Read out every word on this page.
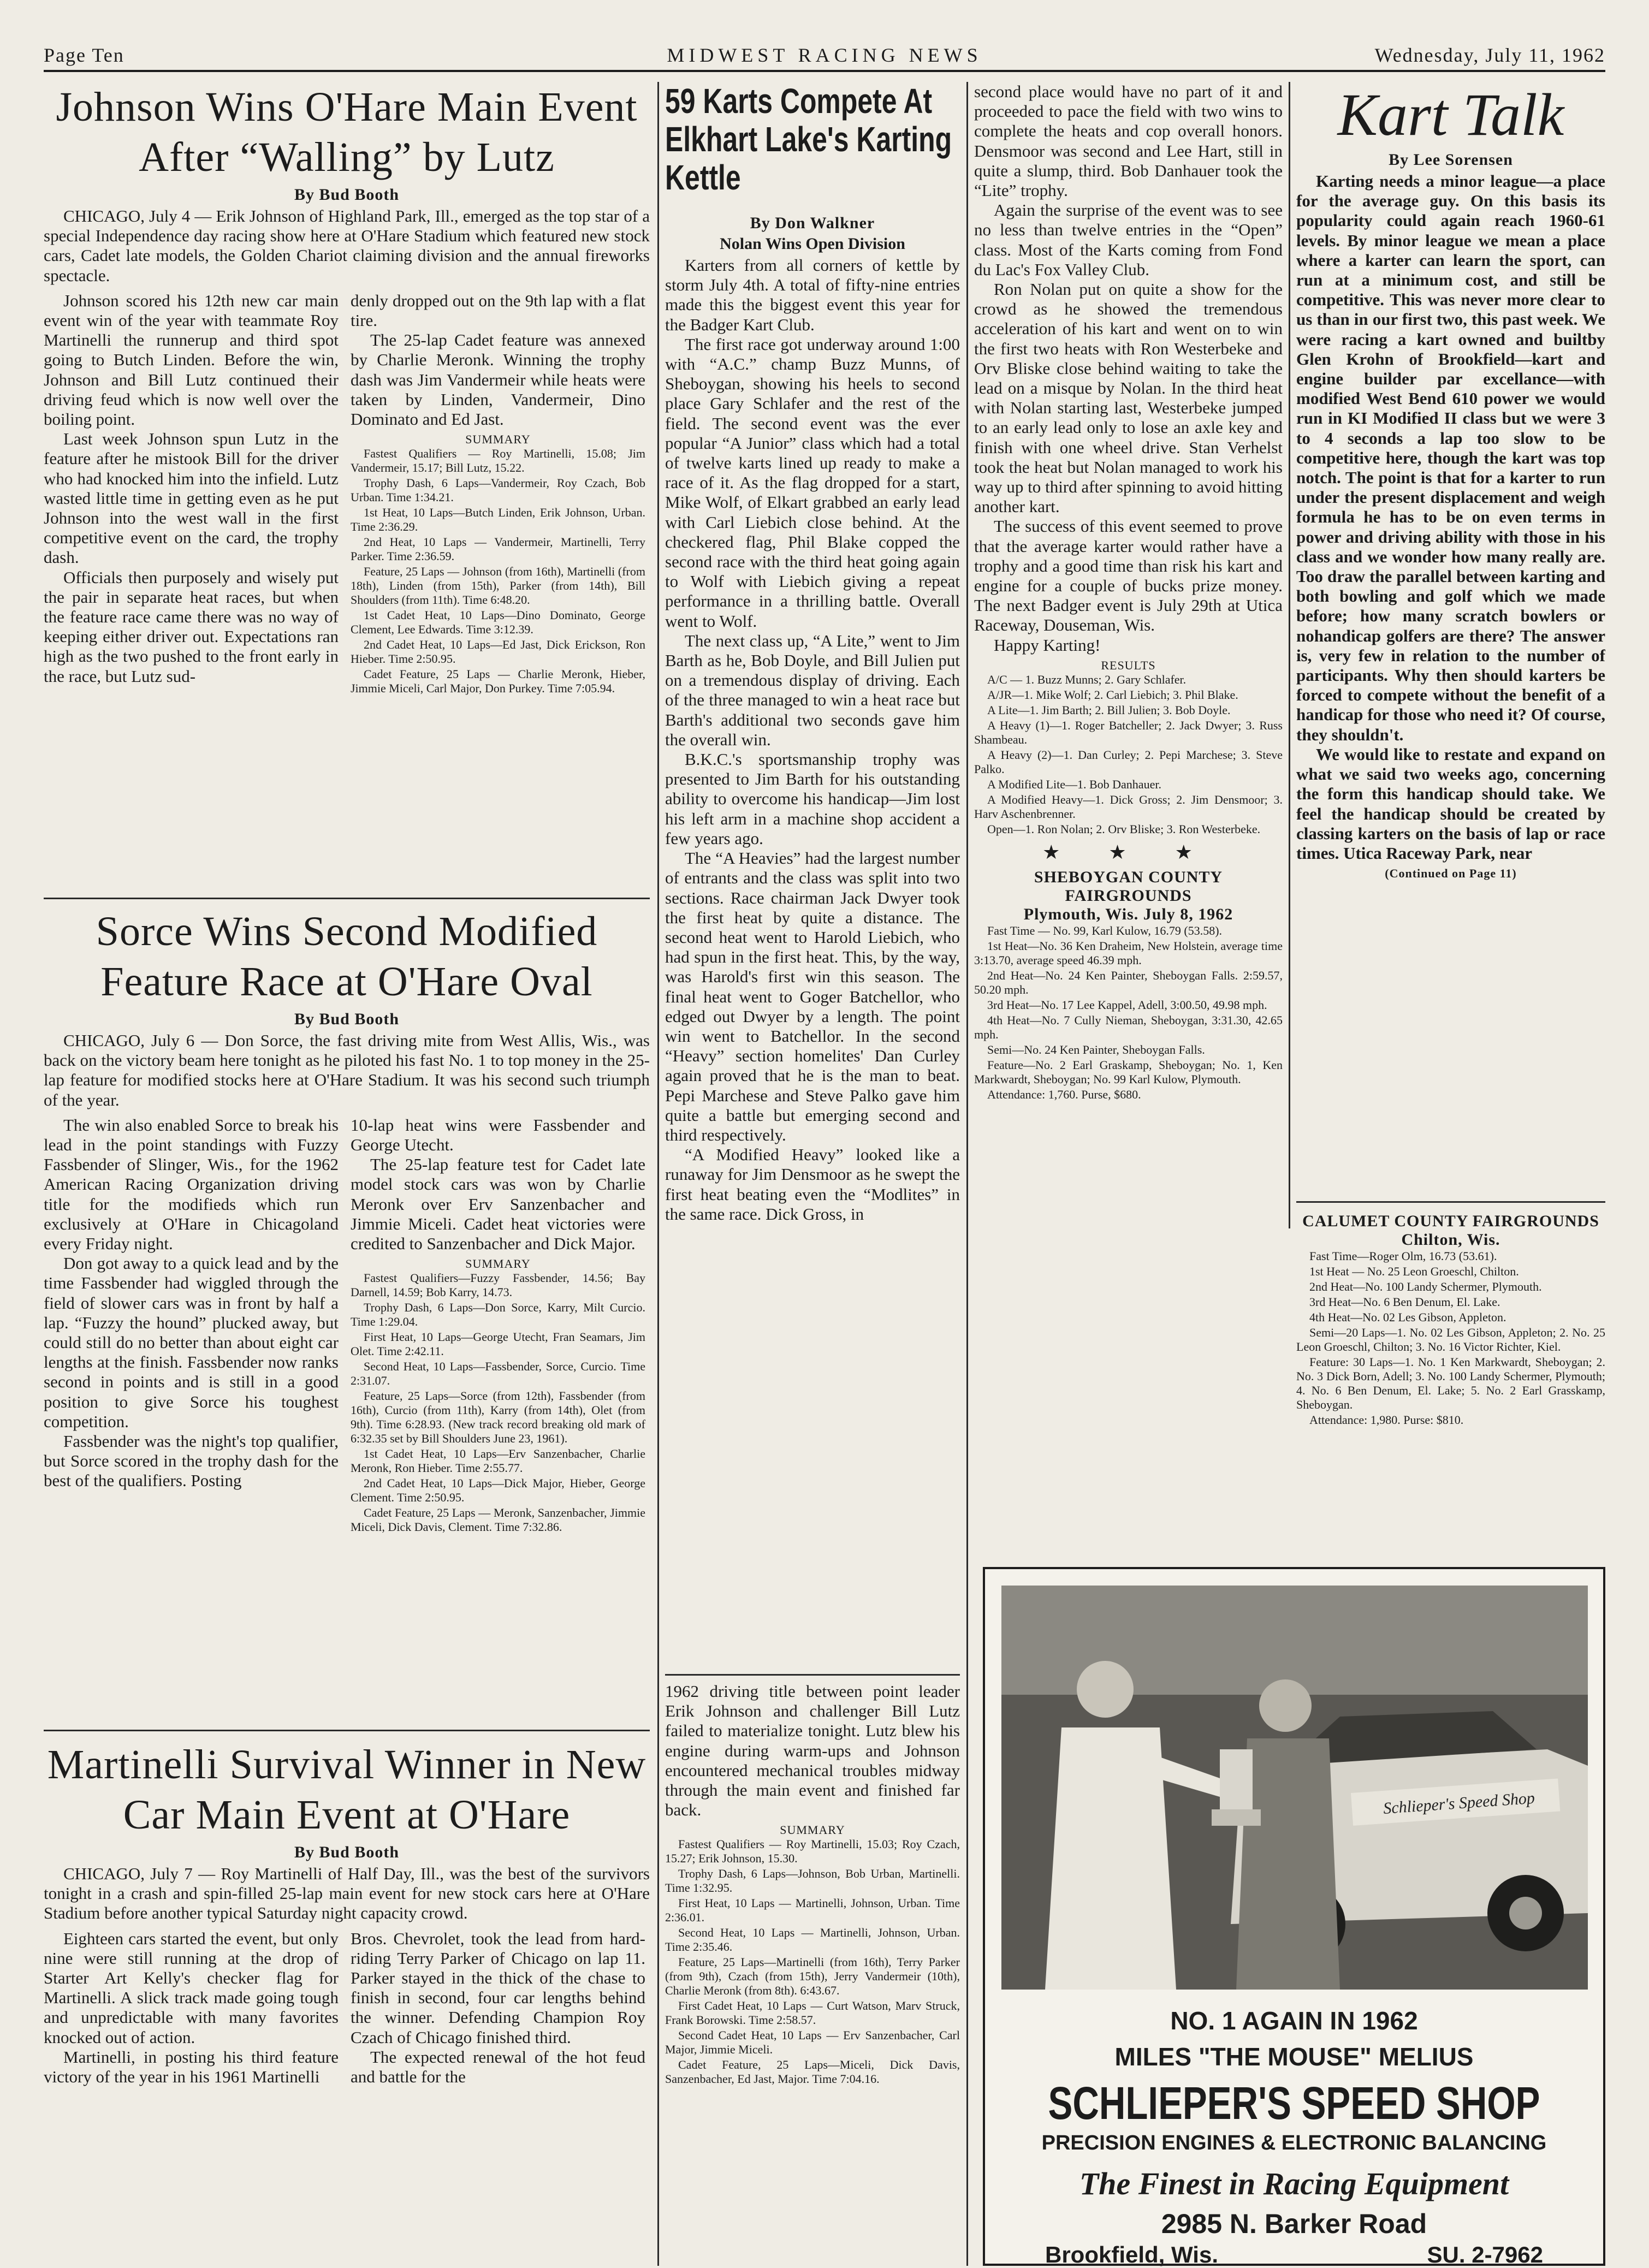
Page Ten	MIDWEST RACING NEWS	Wednesday, July 11, 1962
Johnson Wins O'Hare Main Event After “Walling” by Lutz
By Bud Booth
CHICAGO, July 4 — Erik Johnson of Highland Park, Ill., emerged as the top star of a special Independence day racing show here at O'Hare Stadium which featured new stock cars, Cadet late models, the Golden Chariot claiming division and the annual fireworks spectacle.

Johnson scored his 12th new car main event win of the year with teammate Roy Martinelli the runnerup and third spot going to Butch Linden. Before the win, Johnson and Bill Lutz continued their driving feud which is now well over the boiling point.

Last week Johnson spun Lutz in the feature after he mistook Bill for the driver who had knocked him into the infield. Lutz wasted little time in getting even as he put Johnson into the west wall in the first competitive event on the card, the trophy dash.

Officials then purposely and wisely put the pair in separate heat races, but when the feature race came there was no way of keeping either driver out. Expectations ran high as the two pushed to the front early in the race, but Lutz sud-

denly dropped out on the 9th lap with a flat tire.

The 25-lap Cadet feature was annexed by Charlie Meronk. Winning the trophy dash was Jim Vandermeir while heats were taken by Linden, Vandermeir, Dino Dominato and Ed Jast.

SUMMARY

Fastest Qualifiers — Roy Martinelli, 15.08; Jim Vandermeir, 15.17; Bill Lutz, 15.22.

Trophy Dash, 6 Laps—Vandermeir, Roy Czach, Bob Urban. Time 1:34.21.

1st Heat, 10 Laps—Butch Linden, Erik Johnson, Urban. Time 2:36.29.

2nd Heat, 10 Laps — Vandermeir, Martinelli, Terry Parker. Time 2:36.59.

Feature, 25 Laps — Johnson (from 16th), Martinelli (from 18th), Linden (from 15th), Parker (from 14th), Bill Shoulders (from 11th). Time 6:48.20.

1st Cadet Heat, 10 Laps—Dino Dominato, George Clement, Lee Edwards. Time 3:12.39.

2nd Cadet Heat, 10 Laps—Ed Jast, Dick Erickson, Ron Hieber. Time 2:50.95.

Cadet Feature, 25 Laps — Charlie Meronk, Hieber, Jimmie Miceli, Carl Major, Don Purkey. Time 7:05.94.

Sorce Wins Second Modified Feature Race at O'Hare Oval
By Bud Booth
CHICAGO, July 6 — Don Sorce, the fast driving mite from West Allis, Wis., was back on the victory beam here tonight as he piloted his fast No. 1 to top money in the 25-lap feature for modified stocks here at O'Hare Stadium. It was his second such triumph of the year.

The win also enabled Sorce to break his lead in the point standings with Fuzzy Fassbender of Slinger, Wis., for the 1962 American Racing Organization driving title for the modifieds which run exclusively at O'Hare in Chicagoland every Friday night.

Don got away to a quick lead and by the time Fassbender had wiggled through the field of slower cars was in front by half a lap. “Fuzzy the hound” plucked away, but could still do no better than about eight car lengths at the finish. Fassbender now ranks second in points and is still in a good position to give Sorce his toughest competition.

Fassbender was the night's top qualifier, but Sorce scored in the trophy dash for the best of the qualifiers. Posting

10-lap heat wins were Fassbender and George Utecht.

The 25-lap feature test for Cadet late model stock cars was won by Charlie Meronk over Erv Sanzenbacher and Jimmie Miceli. Cadet heat victories were credited to Sanzenbacher and Dick Major.

SUMMARY

Fastest Qualifiers—Fuzzy Fassbender, 14.56; Bay Darnell, 14.59; Bob Karry, 14.73.

Trophy Dash, 6 Laps—Don Sorce, Karry, Milt Curcio. Time 1:29.04.

First Heat, 10 Laps—George Utecht, Fran Seamars, Jim Olet. Time 2:42.11.

Second Heat, 10 Laps—Fassbender, Sorce, Curcio. Time 2:31.07.

Feature, 25 Laps—Sorce (from 12th), Fassbender (from 16th), Curcio (from 11th), Karry (from 14th), Olet (from 9th). Time 6:28.93. (New track record breaking old mark of 6:32.35 set by Bill Shoulders June 23, 1961).

1st Cadet Heat, 10 Laps—Erv Sanzenbacher, Charlie Meronk, Ron Hieber. Time 2:55.77.

2nd Cadet Heat, 10 Laps—Dick Major, Hieber, George Clement. Time 2:50.95.

Cadet Feature, 25 Laps — Meronk, Sanzenbacher, Jimmie Miceli, Dick Davis, Clement. Time 7:32.86.

Martinelli Survival Winner in New Car Main Event at O'Hare
By Bud Booth
CHICAGO, July 7 — Roy Martinelli of Half Day, Ill., was the best of the survivors tonight in a crash and spin-filled 25-lap main event for new stock cars here at O'Hare Stadium before another typical Saturday night capacity crowd.

Eighteen cars started the event, but only nine were still running at the drop of Starter Art Kelly's checker flag for Martinelli. A slick track made going tough and unpredictable with many favorites knocked out of action.

Martinelli, in posting his third feature victory of the year in his 1961 Martinelli

Bros. Chevrolet, took the lead from hard-riding Terry Parker of Chicago on lap 11. Parker stayed in the thick of the chase to finish in second, four car lengths behind the winner. Defending Champion Roy Czach of Chicago finished third.

The expected renewal of the hot feud and battle for the

59 Karts Compete At Elkhart Lake's Karting Kettle
By Don Walkner
Nolan Wins Open Division

Karters from all corners of kettle by storm July 4th. A total of fifty-nine entries made this the biggest event this year for the Badger Kart Club.

The first race got underway around 1:00 with “A.C.” champ Buzz Munns, of Sheboygan, showing his heels to second place Gary Schlafer and the rest of the field. The second event was the ever popular “A Junior” class which had a total of twelve karts lined up ready to make a race of it. As the flag dropped for a start, Mike Wolf, of Elkart grabbed an early lead with Carl Liebich close behind. At the checkered flag, Phil Blake copped the second race with the third heat going again to Wolf with Liebich giving a repeat performance in a thrilling battle. Overall went to Wolf.

The next class up, “A Lite,” went to Jim Barth as he, Bob Doyle, and Bill Julien put on a tremendous display of driving. Each of the three managed to win a heat race but Barth's additional two seconds gave him the overall win.

B.K.C.'s sportsmanship trophy was presented to Jim Barth for his outstanding ability to overcome his handicap—Jim lost his left arm in a machine shop accident a few years ago.

The “A Heavies” had the largest number of entrants and the class was split into two sections. Race chairman Jack Dwyer took the first heat by quite a distance. The second heat went to Harold Liebich, who had spun in the first heat. This, by the way, was Harold's first win this season. The final heat went to Goger Batchellor, who edged out Dwyer by a length. The point win went to Batchellor. In the second “Heavy” section homelites' Dan Curley again proved that he is the man to beat. Pepi Marchese and Steve Palko gave him quite a battle but emerging second and third respectively.

“A Modified Heavy” looked like a runaway for Jim Densmoor as he swept the first heat beating even the “Modlites” in the same race. Dick Gross, in

1962 driving title between point leader Erik Johnson and challenger Bill Lutz failed to materialize tonight. Lutz blew his engine during warm-ups and Johnson encountered mechanical troubles midway through the main event and finished far back.

SUMMARY

Fastest Qualifiers — Roy Martinelli, 15.03; Roy Czach, 15.27; Erik Johnson, 15.30.

Trophy Dash, 6 Laps—Johnson, Bob Urban, Martinelli. Time 1:32.95.

First Heat, 10 Laps — Martinelli, Johnson, Urban. Time 2:36.01.

Second Heat, 10 Laps — Martinelli, Johnson, Urban. Time 2:35.46.

Feature, 25 Laps—Martinelli (from 16th), Terry Parker (from 9th), Czach (from 15th), Jerry Vandermeir (10th), Charlie Meronk (from 8th). 6:43.67.

First Cadet Heat, 10 Laps — Curt Watson, Marv Struck, Frank Borowski. Time 2:58.57.

Second Cadet Heat, 10 Laps — Erv Sanzenbacher, Carl Major, Jimmie Miceli.

Cadet Feature, 25 Laps—Miceli, Dick Davis, Sanzenbacher, Ed Jast, Major. Time 7:04.16.

second place would have no part of it and proceeded to pace the field with two wins to complete the heats and cop overall honors. Densmoor was second and Lee Hart, still in quite a slump, third. Bob Danhauer took the “Lite” trophy.

Again the surprise of the event was to see no less than twelve entries in the “Open” class. Most of the Karts coming from Fond du Lac's Fox Valley Club.

Ron Nolan put on quite a show for the crowd as he showed the tremendous acceleration of his kart and went on to win the first two heats with Ron Westerbeke and Orv Bliske close behind waiting to take the lead on a misque by Nolan. In the third heat with Nolan starting last, Westerbeke jumped to an early lead only to lose an axle key and finish with one wheel drive. Stan Verhelst took the heat but Nolan managed to work his way up to third after spinning to avoid hitting another kart.

The success of this event seemed to prove that the average karter would rather have a trophy and a good time than risk his kart and engine for a couple of bucks prize money. The next Badger event is July 29th at Utica Raceway, Douseman, Wis.

Happy Karting!

RESULTS

A/C — 1. Buzz Munns; 2. Gary Schlafer.

A/JR—1. Mike Wolf; 2. Carl Liebich; 3. Phil Blake.

A Lite—1. Jim Barth; 2. Bill Julien; 3. Bob Doyle.

A Heavy (1)—1. Roger Batcheller; 2. Jack Dwyer; 3. Russ Shambeau.

A Heavy (2)—1. Dan Curley; 2. Pepi Marchese; 3. Steve Palko.

A Modified Lite—1. Bob Danhauer.

A Modified Heavy—1. Dick Gross; 2. Jim Densmoor; 3. Harv Aschenbrenner.

Open—1. Ron Nolan; 2. Orv Bliske; 3. Ron Westerbeke.

★ ★ ★
SHEBOYGAN COUNTY FAIRGROUNDS
Plymouth, Wis. July 8, 1962

Fast Time — No. 99, Karl Kulow, 16.79 (53.58).

1st Heat—No. 36 Ken Draheim, New Holstein, average time 3:13.70, average speed 46.39 mph.

2nd Heat—No. 24 Ken Painter, Sheboygan Falls. 2:59.57, 50.20 mph.

3rd Heat—No. 17 Lee Kappel, Adell, 3:00.50, 49.98 mph.

4th Heat—No. 7 Cully Nieman, Sheboygan, 3:31.30, 42.65 mph.

Semi—No. 24 Ken Painter, Sheboygan Falls.

Feature—No. 2 Earl Graskamp, Sheboygan; No. 1, Ken Markwardt, Sheboygan; No. 99 Karl Kulow, Plymouth.

Attendance: 1,760. Purse, $680.

Kart Talk
By Lee Sorensen

Karting needs a minor league—a place for the average guy. On this basis its popularity could again reach 1960-61 levels. By minor league we mean a place where a karter can learn the sport, can run at a minimum cost, and still be competitive. This was never more clear to us than in our first two, this past week. We were racing a kart owned and builtby Glen Krohn of Brookfield—kart and engine builder par excellance—with modified West Bend 610 power we would run in KI Modified II class but we were 3 to 4 seconds a lap too slow to be competitive here, though the kart was top notch. The point is that for a karter to run under the present displacement and weigh formula he has to be on even terms in power and driving ability with those in his class and we wonder how many really are. Too draw the parallel between karting and both bowling and golf which we made before; how many scratch bowlers or nohandicap golfers are there? The answer is, very few in relation to the number of participants. Why then should karters be forced to compete without the benefit of a handicap for those who need it? Of course, they shouldn't.

We would like to restate and expand on what we said two weeks ago, concerning the form this handicap should take. We feel the handicap should be created by classing karters on the basis of lap or race times. Utica Raceway Park, near

(Continued on Page 11)
CALUMET COUNTY FAIRGROUNDS
Chilton, Wis.

Fast Time—Roger Olm, 16.73 (53.61).

1st Heat — No. 25 Leon Groeschl, Chilton.

2nd Heat—No. 100 Landy Schermer, Plymouth.

3rd Heat—No. 6 Ben Denum, El. Lake.

4th Heat—No. 02 Les Gibson, Appleton.

Semi—20 Laps—1. No. 02 Les Gibson, Appleton; 2. No. 25 Leon Groeschl, Chilton; 3. No. 16 Victor Richter, Kiel.

Feature: 30 Laps—1. No. 1 Ken Markwardt, Sheboygan; 2. No. 3 Dick Born, Adell; 3. No. 100 Landy Schermer, Plymouth; 4. No. 6 Ben Denum, El. Lake; 5. No. 2 Earl Grasskamp, Sheboygan.

Attendance: 1,980. Purse: $810.

Schlieper's Speed Shop
NO. 1 AGAIN IN 1962
MILES "THE MOUSE" MELIUS
SCHLIEPER'S SPEED SHOP
PRECISION ENGINES & ELECTRONIC BALANCING
The Finest in Racing Equipment
2985 N. Barker Road
Brookfield, Wis.	SU. 2-7962
